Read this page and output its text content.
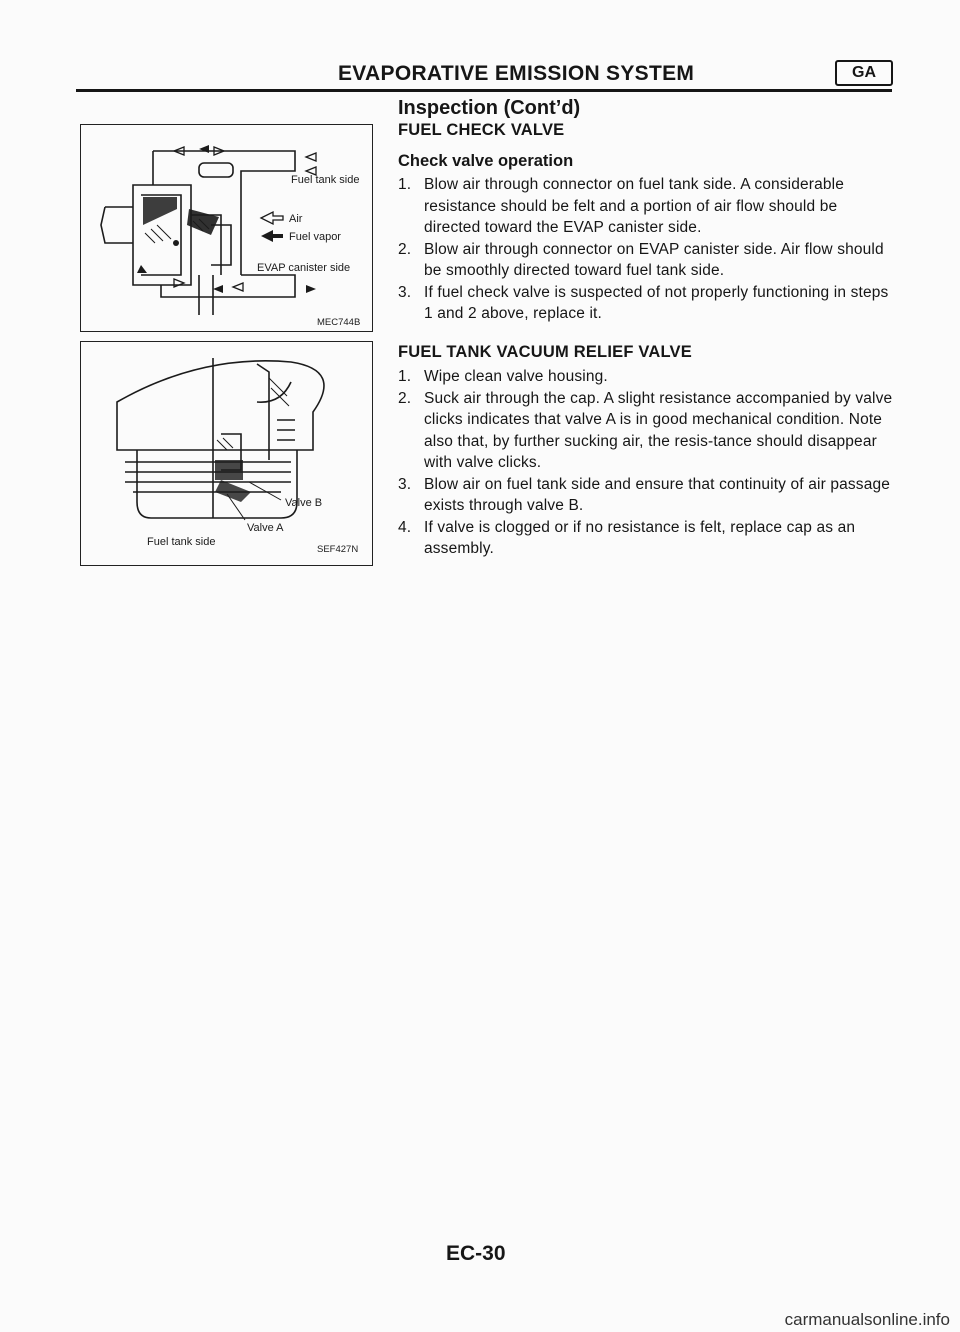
EVAPORATIVE EMISSION SYSTEM	GA
Inspection (Cont’d)
Fuel tank side
Air
Fuel vapor
EVAP canister side
MEC744B
Valve B
Valve A
Fuel tank side
SEF427N
FUEL CHECK VALVE
Check valve operation
1. Blow air through connector on fuel tank side. A considerable resistance should be felt and a portion of air flow should be directed toward the EVAP canister side.
2. Blow air through connector on EVAP canister side. Air flow should be smoothly directed toward fuel tank side.
3. If fuel check valve is suspected of not properly functioning in steps 1 and 2 above, replace it.
FUEL TANK VACUUM RELIEF VALVE
1. Wipe clean valve housing.
2. Suck air through the cap. A slight resistance accompanied by valve clicks indicates that valve A is in good mechanical condition. Note also that, by further sucking air, the resis-tance should disappear with valve clicks.
3. Blow air on fuel tank side and ensure that continuity of air passage exists through valve B.
4. If valve is clogged or if no resistance is felt, replace cap as an assembly.
EC-30
carmanualsonline.info
